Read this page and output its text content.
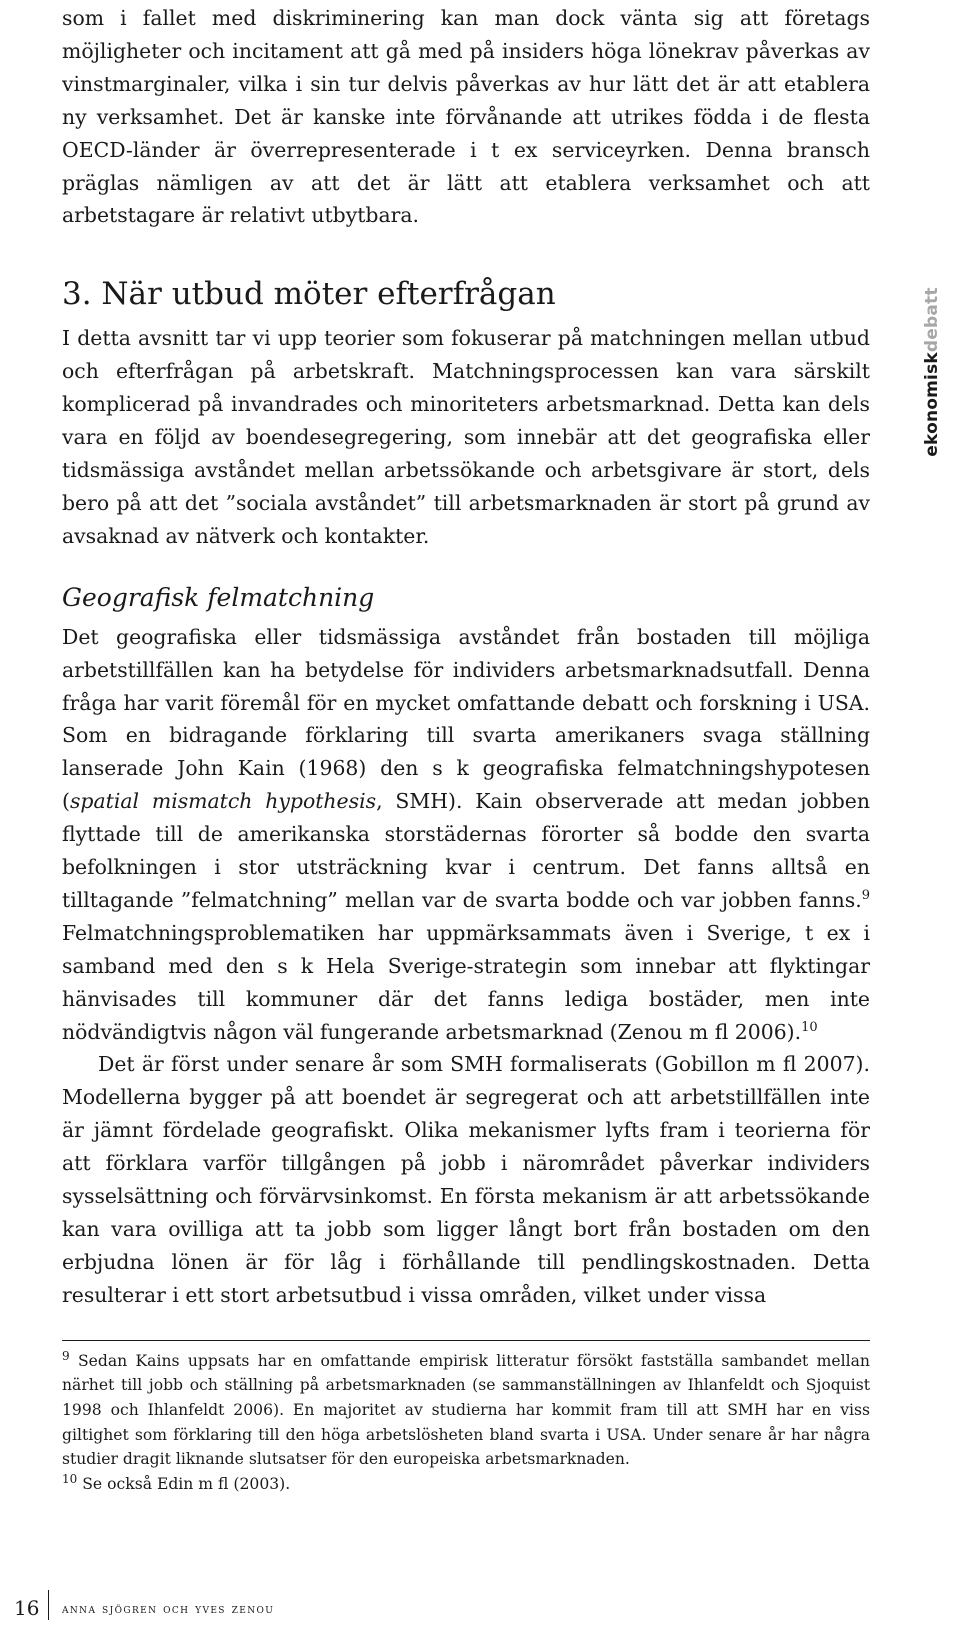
som i fallet med diskriminering kan man dock vänta sig att företags möjligheter och incitament att gå med på insiders höga lönekrav påverkas av vinstmarginaler, vilka i sin tur delvis påverkas av hur lätt det är att etablera ny verksamhet. Det är kanske inte förvånande att utrikes födda i de flesta OECD-länder är överrepresenterade i t ex serviceyrken. Denna bransch präglas nämligen av att det är lätt att etablera verksamhet och att arbetstagare är relativt utbytbara.

3. När utbud möter efterfrågan

I detta avsnitt tar vi upp teorier som fokuserar på matchningen mellan utbud och efterfrågan på arbetskraft. Matchningsprocessen kan vara särskilt komplicerad på invandrades och minoriteters arbetsmarknad. Detta kan dels vara en följd av boendesegregering, som innebär att det geografiska eller tidsmässiga avståndet mellan arbetssökande och arbetsgivare är stort, dels bero på att det ”sociala avståndet” till arbetsmarknaden är stort på grund av avsaknad av nätverk och kontakter.

Geografisk felmatchning

Det geografiska eller tidsmässiga avståndet från bostaden till möjliga arbetstillfällen kan ha betydelse för individers arbetsmarknadsutfall. Denna fråga har varit föremål för en mycket omfattande debatt och forskning i USA. Som en bidragande förklaring till svarta amerikaners svaga ställning lanserade John Kain (1968) den s k geografiska felmatchningshypotesen (spatial mismatch hypothesis, SMH). Kain observerade att medan jobben flyttade till de amerikanska storstädernas förorter så bodde den svarta befolkningen i stor utsträckning kvar i centrum. Det fanns alltså en tilltagande ”felmatchning” mellan var de svarta bodde och var jobben fanns.$^9$ Felmatchningsproblematiken har uppmärksammats även i Sverige, t ex i samband med den s k Hela Sverige-strategin som innebar att flyktingar hänvisades till kommuner där det fanns lediga bostäder, men inte nödvändigtvis någon väl fungerande arbetsmarknad (Zenou m fl 2006).$^{10}$

Det är först under senare år som SMH formaliserats (Gobillon m fl 2007). Modellerna bygger på att boendet är segregerat och att arbetstillfällen inte är jämnt fördelade geografiskt. Olika mekanismer lyfts fram i teorierna för att förklara varför tillgången på jobb i närområdet påverkar individers sysselsättning och förvärvsinkomst. En första mekanism är att arbetssökande kan vara ovilliga att ta jobb som ligger långt bort från bostaden om den erbjudna lönen är för låg i förhållande till pendlingskostnaden. Detta resulterar i ett stort arbetsutbud i vissa områden, vilket under vissa

$^9$ Sedan Kains uppsats har en omfattande empirisk litteratur försökt fastställa sambandet mellan närhet till jobb och ställning på arbetsmarknaden (se sammanställningen av Ihlanfeldt och Sjoquist 1998 och Ihlanfeldt 2006). En majoritet av studierna har kommit fram till att SMH har en viss giltighet som förklaring till den höga arbetslösheten bland svarta i USA. Under senare år har några studier dragit liknande slutsatser för den europeiska arbetsmarknaden.

$^{10}$ Se också Edin m fl (2003).

ekonomiskdebatt
16 anna sjögren och yves zenou
